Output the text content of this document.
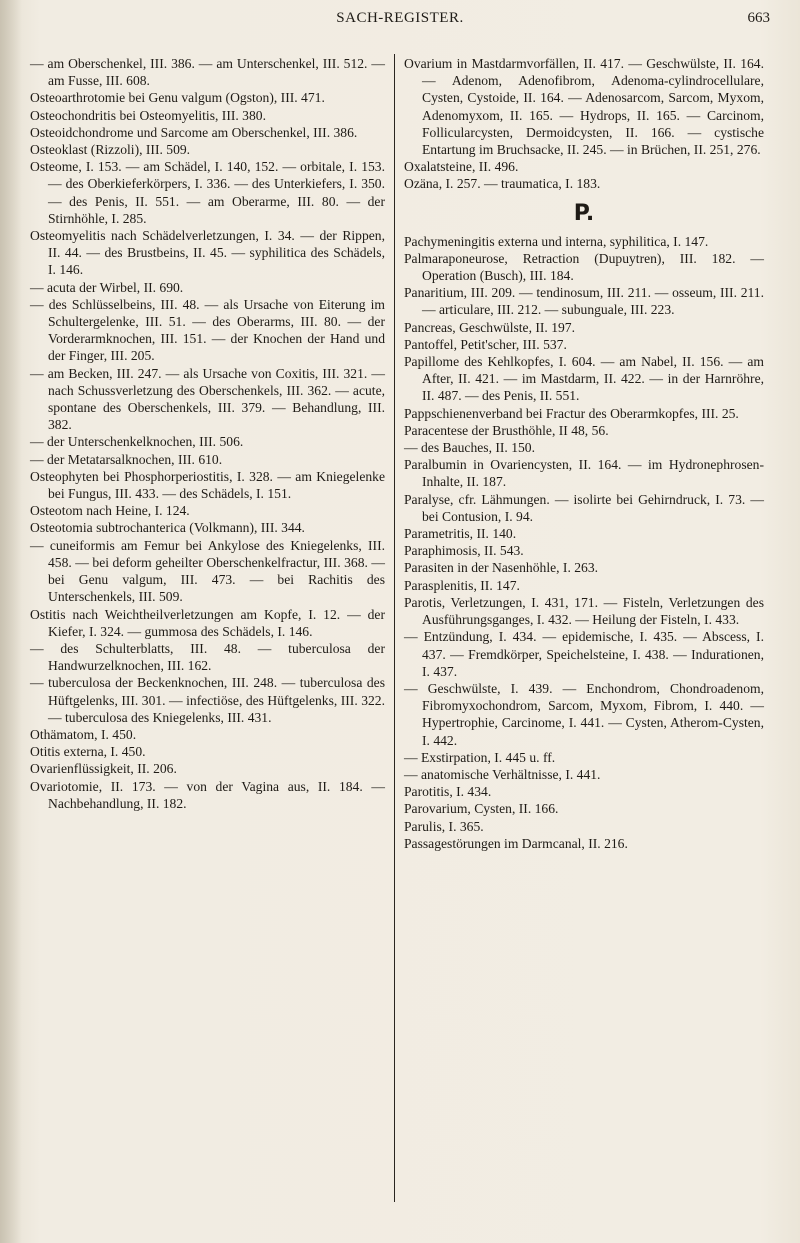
SACH-REGISTER.	663

— am Oberschenkel, III. 386. — am Unterschenkel, III. 512. — am Fusse, III. 608.

Osteoarthrotomie bei Genu valgum (Ogston), III. 471.

Osteochondritis bei Osteomyelitis, III. 380.

Osteoidchondrome und Sarcome am Oberschenkel, III. 386.

Osteoklast (Rizzoli), III. 509.

Osteome, I. 153. — am Schädel, I. 140, 152. — orbitale, I. 153. — des Oberkieferkörpers, I. 336. — des Unterkiefers, I. 350. — des Penis, II. 551. — am Oberarme, III. 80. — der Stirnhöhle, I. 285.

Osteomyelitis nach Schädelverletzungen, I. 34. — der Rippen, II. 44. — des Brustbeins, II. 45. — syphilitica des Schädels, I. 146.

— acuta der Wirbel, II. 690.

— des Schlüsselbeins, III. 48. — als Ursache von Eiterung im Schultergelenke, III. 51. — des Oberarms, III. 80. — der Vorderarmknochen, III. 151. — der Knochen der Hand und der Finger, III. 205.

— am Becken, III. 247. — als Ursache von Coxitis, III. 321. — nach Schussverletzung des Oberschenkels, III. 362. — acute, spontane des Oberschenkels, III. 379. — Behandlung, III. 382.

— der Unterschenkelknochen, III. 506.

— der Metatarsalknochen, III. 610.

Osteophyten bei Phosphorperiostitis, I. 328. — am Kniegelenke bei Fungus, III. 433. — des Schädels, I. 151.

Osteotom nach Heine, I. 124.

Osteotomia subtrochanterica (Volkmann), III. 344.

— cuneiformis am Femur bei Ankylose des Kniegelenks, III. 458. — bei deform geheilter Oberschenkelfractur, III. 368. — bei Genu valgum, III. 473. — bei Rachitis des Unterschenkels, III. 509.

Ostitis nach Weichtheilverletzungen am Kopfe, I. 12. — der Kiefer, I. 324. — gummosa des Schädels, I. 146.

— des Schulterblatts, III. 48. — tuberculosa der Handwurzelknochen, III. 162.

— tuberculosa der Beckenknochen, III. 248. — tuberculosa des Hüftgelenks, III. 301. — infectiöse, des Hüftgelenks, III. 322. — tuberculosa des Kniegelenks, III. 431.

Othämatom, I. 450.

Otitis externa, I. 450.

Ovarienflüssigkeit, II. 206.

Ovariotomie, II. 173. — von der Vagina aus, II. 184. — Nachbehandlung, II. 182.

Ovarium in Mastdarmvorfällen, II. 417. — Geschwülste, II. 164. — Adenom, Adenofibrom, Adenoma-cylindrocellulare, Cysten, Cystoide, II. 164. — Adenosarcom, Sarcom, Myxom, Adenomyxom, II. 165. — Hydrops, II. 165. — Carcinom, Follicularcysten, Dermoidcysten, II. 166. — cystische Entartung im Bruchsacke, II. 245. — in Brüchen, II. 251, 276.

Oxalatsteine, II. 496.

Ozäna, I. 257. — traumatica, I. 183.

P.

Pachymeningitis externa und interna, syphilitica, I. 147.

Palmaraponeurose, Retraction (Dupuytren), III. 182. — Operation (Busch), III. 184.

Panaritium, III. 209. — tendinosum, III. 211. — osseum, III. 211. — articulare, III. 212. — subunguale, III. 223.

Pancreas, Geschwülste, II. 197.

Pantoffel, Petit'scher, III. 537.

Papillome des Kehlkopfes, I. 604. — am Nabel, II. 156. — am After, II. 421. — im Mastdarm, II. 422. — in der Harnröhre, II. 487. — des Penis, II. 551.

Pappschienenverband bei Fractur des Oberarmkopfes, III. 25.

Paracentese der Brusthöhle, II 48, 56.

— des Bauches, II. 150.

Paralbumin in Ovariencysten, II. 164. — im Hydronephrosen-Inhalte, II. 187.

Paralyse, cfr. Lähmungen. — isolirte bei Gehirndruck, I. 73. — bei Contusion, I. 94.

Parametritis, II. 140.

Paraphimosis, II. 543.

Parasiten in der Nasenhöhle, I. 263.

Parasplenitis, II. 147.

Parotis, Verletzungen, I. 431, 171. — Fisteln, Verletzungen des Ausführungsganges, I. 432. — Heilung der Fisteln, I. 433.

— Entzündung, I. 434. — epidemische, I. 435. — Abscess, I. 437. — Fremdkörper, Speichelsteine, I. 438. — Indurationen, I. 437.

— Geschwülste, I. 439. — Enchondrom, Chondroadenom, Fibromyxochondrom, Sarcom, Myxom, Fibrom, I. 440. — Hypertrophie, Carcinome, I. 441. — Cysten, Atherom-Cysten, I. 442.

— Exstirpation, I. 445 u. ff.

— anatomische Verhältnisse, I. 441.

Parotitis, I. 434.

Parovarium, Cysten, II. 166.

Parulis, I. 365.

Passagestörungen im Darmcanal, II. 216.
